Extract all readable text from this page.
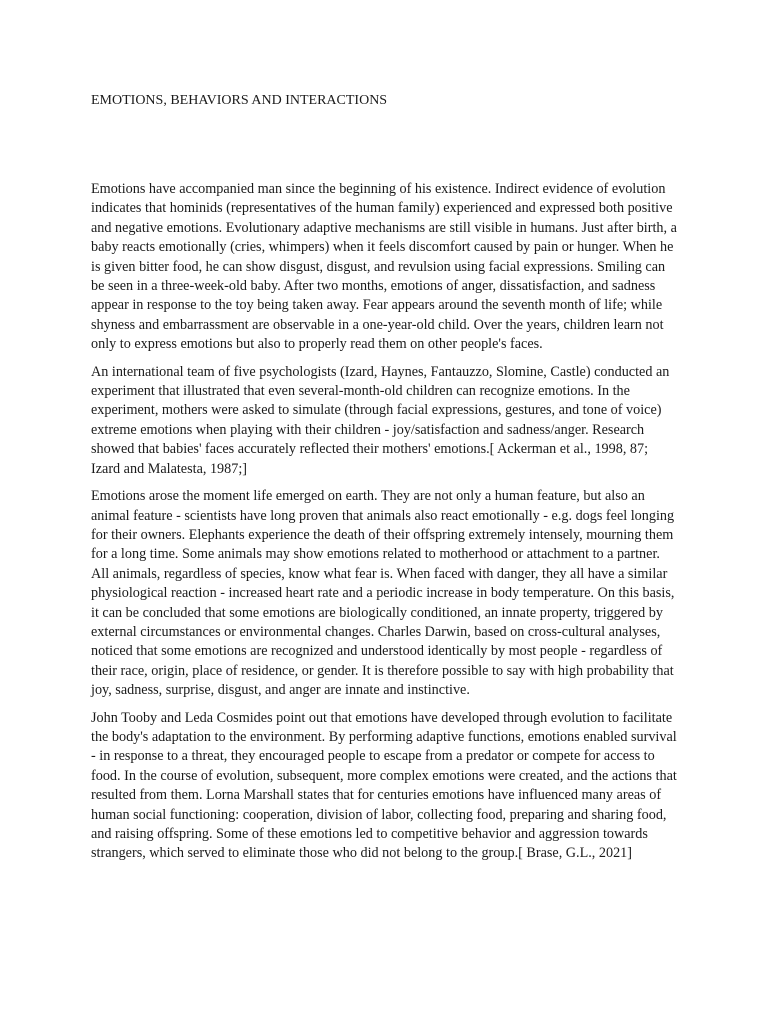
EMOTIONS, BEHAVIORS AND INTERACTIONS

Emotions have accompanied man since the beginning of his existence. Indirect evidence of evolution indicates that hominids (representatives of the human family) experienced and expressed both positive and negative emotions. Evolutionary adaptive mechanisms are still visible in humans. Just after birth, a baby reacts emotionally (cries, whimpers) when it feels discomfort caused by pain or hunger. When he is given bitter food, he can show disgust, disgust, and revulsion using facial expressions. Smiling can be seen in a three-week-old baby. After two months, emotions of anger, dissatisfaction, and sadness appear in response to the toy being taken away. Fear appears around the seventh month of life; while shyness and embarrassment are observable in a one-year-old child. Over the years, children learn not only to express emotions but also to properly read them on other people's faces.

An international team of five psychologists (Izard, Haynes, Fantauzzo, Slomine, Castle) conducted an experiment that illustrated that even several-month-old children can recognize emotions. In the experiment, mothers were asked to simulate (through facial expressions, gestures, and tone of voice) extreme emotions when playing with their children - joy/satisfaction and sadness/anger. Research showed that babies' faces accurately reflected their mothers' emotions.[ Ackerman et al., 1998, 87; Izard and Malatesta, 1987;]

Emotions arose the moment life emerged on earth. They are not only a human feature, but also an animal feature - scientists have long proven that animals also react emotionally - e.g. dogs feel longing for their owners. Elephants experience the death of their offspring extremely intensely, mourning them for a long time. Some animals may show emotions related to motherhood or attachment to a partner. All animals, regardless of species, know what fear is. When faced with danger, they all have a similar physiological reaction - increased heart rate and a periodic increase in body temperature. On this basis, it can be concluded that some emotions are biologically conditioned, an innate property, triggered by external circumstances or environmental changes. Charles Darwin, based on cross-cultural analyses, noticed that some emotions are recognized and understood identically by most people - regardless of their race, origin, place of residence, or gender. It is therefore possible to say with high probability that joy, sadness, surprise, disgust, and anger are innate and instinctive.

John Tooby and Leda Cosmides point out that emotions have developed through evolution to facilitate the body's adaptation to the environment. By performing adaptive functions, emotions enabled survival - in response to a threat, they encouraged people to escape from a predator or compete for access to food. In the course of evolution, subsequent, more complex emotions were created, and the actions that resulted from them. Lorna Marshall states that for centuries emotions have influenced many areas of human social functioning: cooperation, division of labor, collecting food, preparing and sharing food, and raising offspring. Some of these emotions led to competitive behavior and aggression towards strangers, which served to eliminate those who did not belong to the group.[ Brase, G.L., 2021]
